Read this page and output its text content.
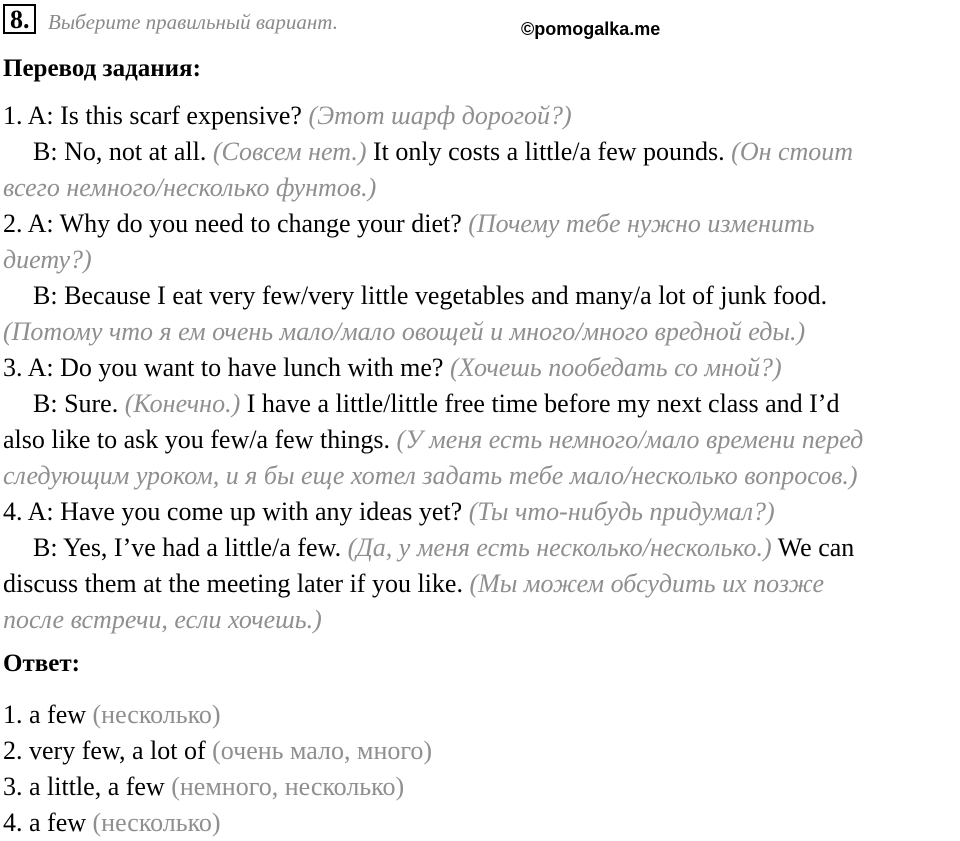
8. Выберите правильный вариант.	©pomogalka.me
Перевод задания:
1. A: Is this scarf expensive? (Этот шарф дорогой?)
B: No, not at all. (Совсем нет.) It only costs a little/a few pounds. (Он стоит
всего немного/несколько фунтов.)
2. A: Why do you need to change your diet? (Почему тебе нужно изменить
диету?)
B: Because I eat very few/very little vegetables and many/a lot of junk food.
(Потому что я ем очень мало/мало овощей и много/много вредной еды.)
3. A: Do you want to have lunch with me? (Хочешь пообедать со мной?)
B: Sure. (Конечно.) I have a little/little free time before my next class and I’d
also like to ask you few/a few things. (У меня есть немного/мало времени перед
следующим уроком, и я бы еще хотел задать тебе мало/несколько вопросов.)
4. A: Have you come up with any ideas yet? (Ты что-нибудь придумал?)
B: Yes, I’ve had a little/a few. (Да, у меня есть несколько/несколько.) We can
discuss them at the meeting later if you like. (Мы можем обсудить их позже
после встречи, если хочешь.)
Ответ:
1. a few (несколько)
2. very few, a lot of (очень мало, много)
3. a little, a few (немного, несколько)
4. a few (несколько)
